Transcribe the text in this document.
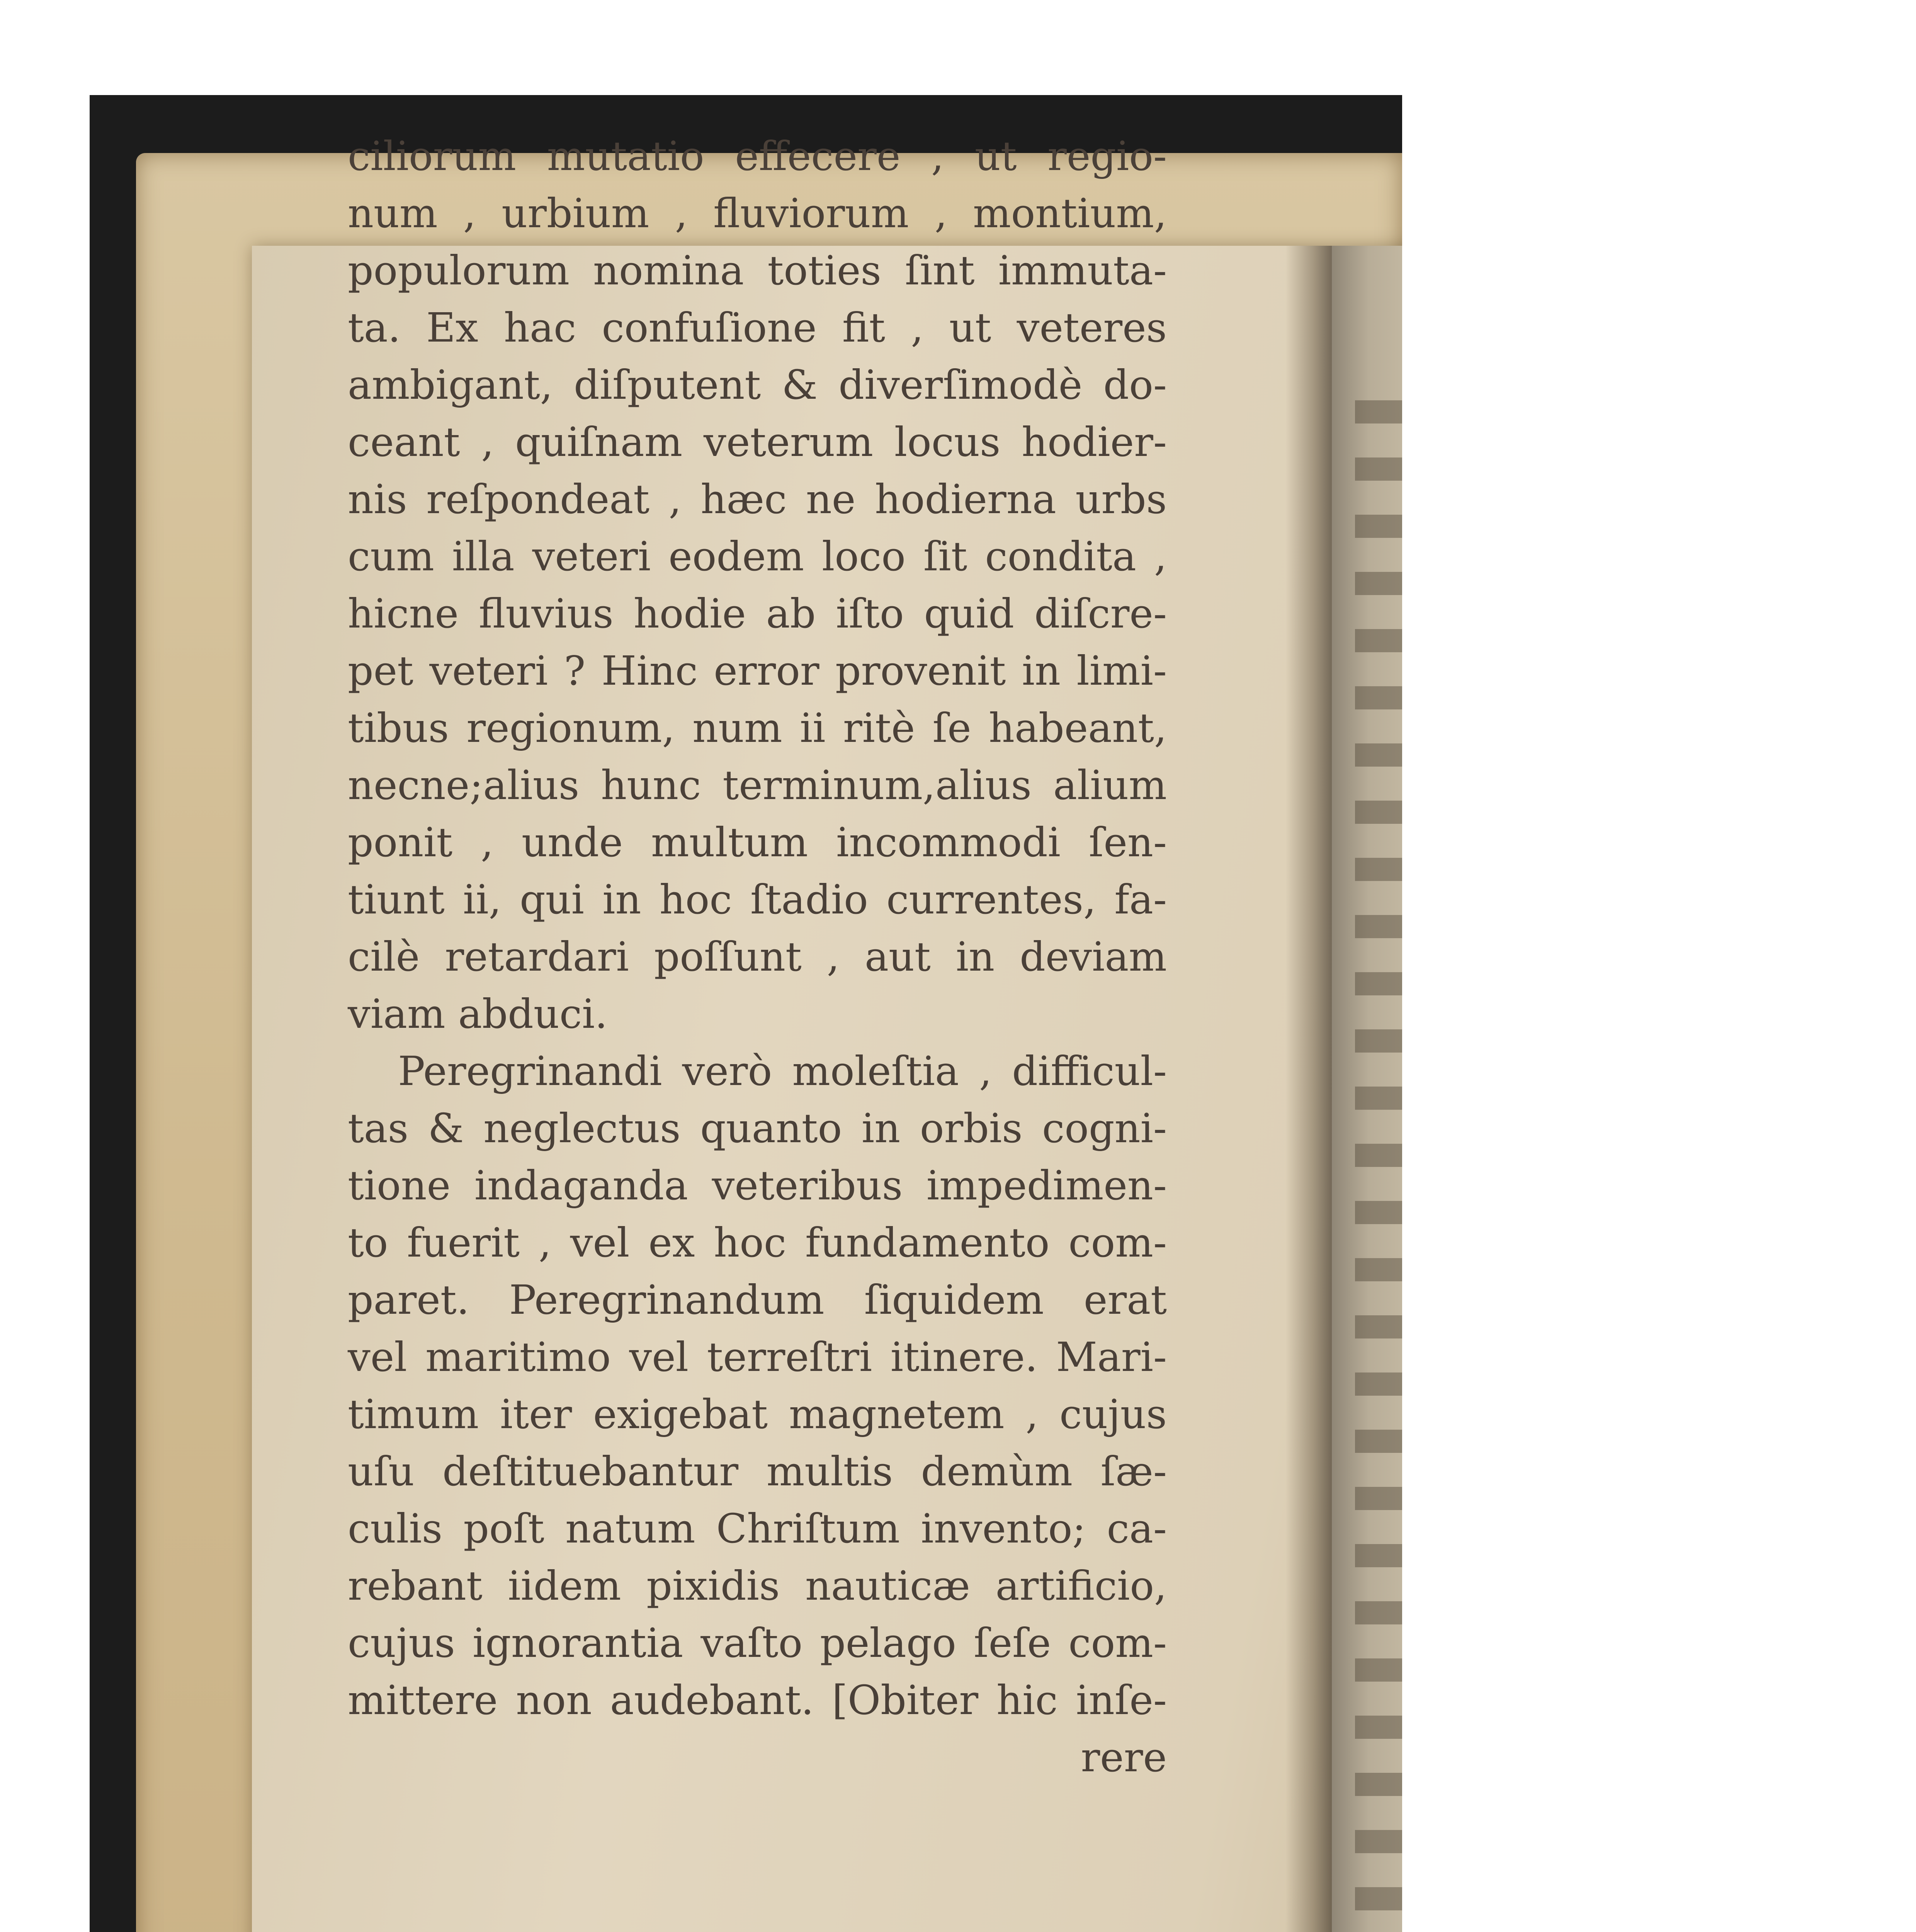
ciliorum mutatio effecere , ut regio-
num , urbium , fluviorum , montium,
populorum nomina toties ſint immuta-
ta. Ex hac confuſione fit , ut veteres
ambigant, diſputent & diverſimodè do-
ceant , quiſnam veterum locus hodier-
nis reſpondeat , hæc ne hodierna urbs
cum illa veteri eodem loco ſit condita ,
hicne fluvius hodie ab iſto quid diſcre-
pet veteri ? Hinc error provenit in limi-
tibus regionum, num ii ritè ſe habeant,
necne;alius hunc terminum,alius alium
ponit , unde multum incommodi ſen-
tiunt ii, qui in hoc ſtadio currentes, fa-
cilè retardari poſſunt , aut in deviam
viam abduci.
Peregrinandi verò moleſtia , difficul-
tas & neglectus quanto in orbis cogni-
tione indaganda veteribus impedimen-
to fuerit , vel ex hoc fundamento com-
paret. Peregrinandum ſiquidem erat
vel maritimo vel terreſtri itinere. Mari-
timum iter exigebat magnetem , cujus
uſu deſtituebantur multis demùm ſæ-
culis poſt natum Chriſtum invento; ca-
rebant iidem pixidis nauticæ artificio,
cujus ignorantia vaſto pelago ſeſe com-
mittere non audebant. [Obiter hic inſe-
rere
